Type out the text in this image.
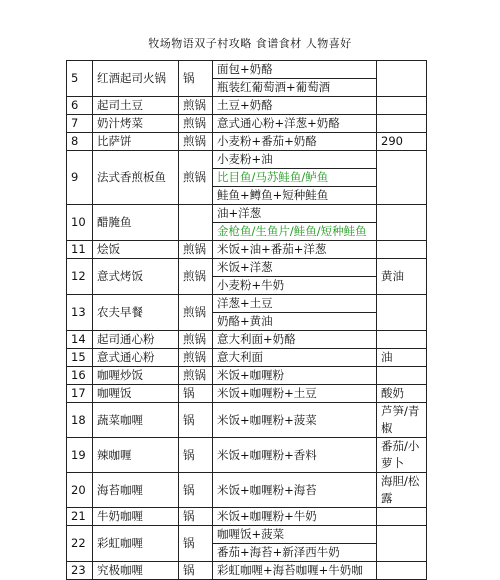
牧场物语双子村攻略 食谱食材 人物喜好
5	红酒起司火锅	锅	面包+奶酪	

			瓶装红葡萄酒+葡萄酒	

6	起司土豆	煎锅	土豆+奶酪	

7	奶汁烤菜	煎锅	意式通心粉+洋葱+奶酪	

8	比萨饼	煎锅	小麦粉+番茄+奶酪	290

9	法式香煎板鱼	煎锅	小麦粉+油	

			比目鱼/马苏鲑鱼/鲈鱼	

			鲑鱼+鳟鱼+短种鲑鱼	

10	醋腌鱼		油+洋葱	

			金枪鱼/生鱼片/鲑鱼/短种鲑鱼	

11	烩饭	煎锅	米饭+油+番茄+洋葱	

12	意式烤饭	煎锅	米饭+洋葱	黄油

			小麦粉+牛奶	

13	农夫早餐	煎锅	洋葱+土豆	

			奶酪+黄油	

14	起司通心粉	煎锅	意大利面+奶酪	

15	意式通心粉	煎锅	意大利面	油

16	咖喱炒饭	煎锅	米饭+咖喱粉	

17	咖喱饭	锅	米饭+咖喱粉+土豆	酸奶

18	蔬菜咖喱	锅	米饭+咖喱粉+菠菜	芦笋/青椒

19	辣咖喱	锅	米饭+咖喱粉+香料	番茄/小萝卜

20	海苔咖喱	锅	米饭+咖喱粉+海苔	海胆/松露

21	牛奶咖喱	锅	米饭+咖喱粉+牛奶	

22	彩虹咖喱	锅	咖喱饭+菠菜	

			番茄+海苔+新泽西牛奶	

23	究极咖喱	锅	彩虹咖喱+海苔咖喱+牛奶咖	
